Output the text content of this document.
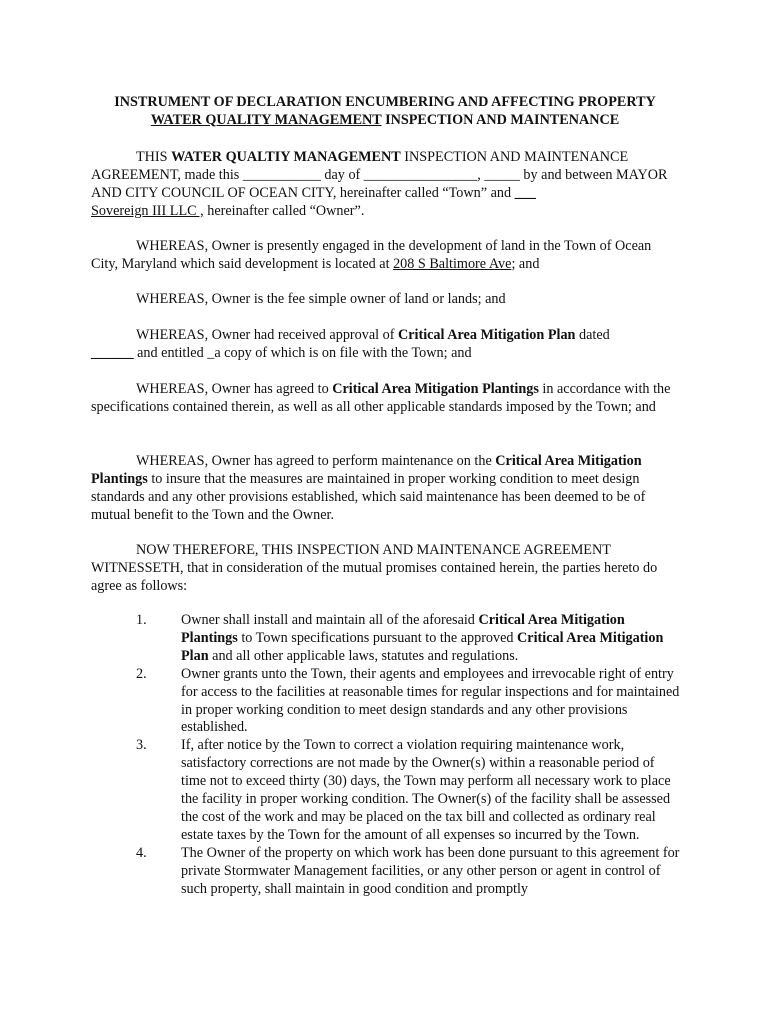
INSTRUMENT OF DECLARATION ENCUMBERING AND AFFECTING PROPERTY
WATER QUALITY MANAGEMENT INSPECTION AND MAINTENANCE
THIS WATER QUALTIY MANAGEMENT INSPECTION AND MAINTENANCE AGREEMENT, made this ___________ day of ________________, _____ by and between MAYOR AND CITY COUNCIL OF OCEAN CITY, hereinafter called “Town” and ___
Sovereign III LLC , hereinafter called “Owner”.
WHEREAS, Owner is presently engaged in the development of land in the Town of Ocean City, Maryland which said development is located at 208 S Baltimore Ave; and
WHEREAS, Owner is the fee simple owner of land or lands; and
WHEREAS, Owner had received approval of Critical Area Mitigation Plan dated
______ and entitled _a copy of which is on file with the Town; and
WHEREAS, Owner has agreed to Critical Area Mitigation Plantings in accordance with the specifications contained therein, as well as all other applicable standards imposed by the Town; and
WHEREAS, Owner has agreed to perform maintenance on the Critical Area Mitigation Plantings to insure that the measures are maintained in proper working condition to meet design standards and any other provisions established, which said maintenance has been deemed to be of mutual benefit to the Town and the Owner.
NOW THEREFORE, THIS INSPECTION AND MAINTENANCE AGREEMENT WITNESSETH, that in consideration of the mutual promises contained herein, the parties hereto do agree as follows:
1. Owner shall install and maintain all of the aforesaid Critical Area Mitigation Plantings to Town specifications pursuant to the approved Critical Area Mitigation Plan and all other applicable laws, statutes and regulations.
2. Owner grants unto the Town, their agents and employees and irrevocable right of entry for access to the facilities at reasonable times for regular inspections and for maintained in proper working condition to meet design standards and any other provisions established.
3. If, after notice by the Town to correct a violation requiring maintenance work, satisfactory corrections are not made by the Owner(s) within a reasonable period of time not to exceed thirty (30) days, the Town may perform all necessary work to place the facility in proper working condition. The Owner(s) of the facility shall be assessed the cost of the work and may be placed on the tax bill and collected as ordinary real estate taxes by the Town for the amount of all expenses so incurred by the Town.
4. The Owner of the property on which work has been done pursuant to this agreement for private Stormwater Management facilities, or any other person or agent in control of such property, shall maintain in good condition and promptly
